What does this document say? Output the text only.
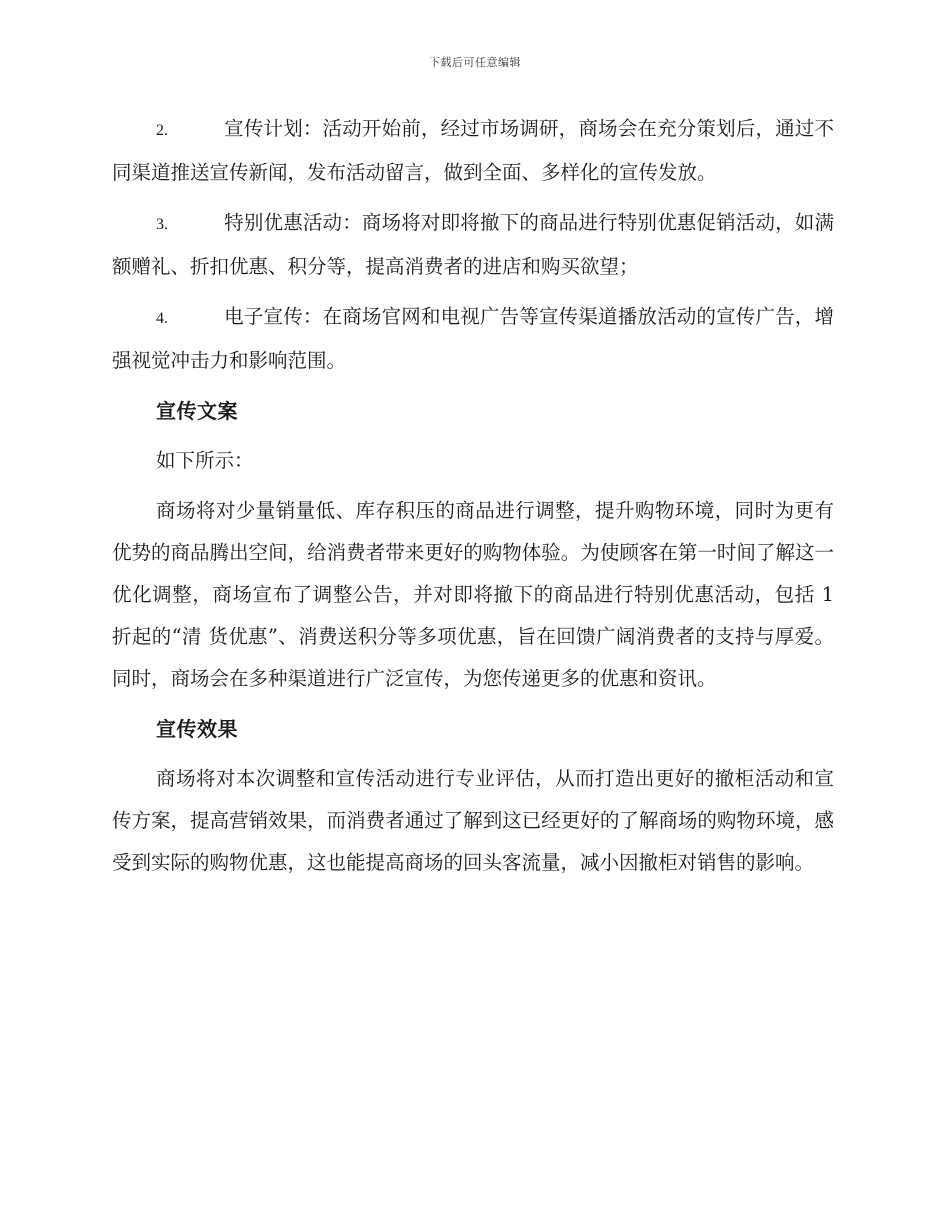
下载后可任意编辑

2.	宣传计划：活动开始前，经过市场调研，商场会在充分策划后，通过不同渠道推送宣传新闻，发布活动留言，做到全面、多样化的宣传发放。

3.	特别优惠活动：商场将对即将撤下的商品进行特别优惠促销活动，如满额赠礼、折扣优惠、积分等，提高消费者的进店和购买欲望；

4.	电子宣传：在商场官网和电视广告等宣传渠道播放活动的宣传广告，增强视觉冲击力和影响范围。

宣传文案

如下所示：

商场将对少量销量低、库存积压的商品进行调整，提升购物环境，同时为更有优势的商品腾出空间，给消费者带来更好的购物体验。为使顾客在第一时间了解这一优化调整，商场宣布了调整公告，并对即将撤下的商品进行特别优惠活动，包括 1 折起的“清 货优惠”、消费送积分等多项优惠，旨在回馈广阔消费者的支持与厚爱。同时，商场会在多种渠道进行广泛宣传，为您传递更多的优惠和资讯。

宣传效果

商场将对本次调整和宣传活动进行专业评估，从而打造出更好的撤柜活动和宣传方案，提高营销效果，而消费者通过了解到这已经更好的了解商场的购物环境，感受到实际的购物优惠，这也能提高商场的回头客流量，减小因撤柜对销售的影响。
